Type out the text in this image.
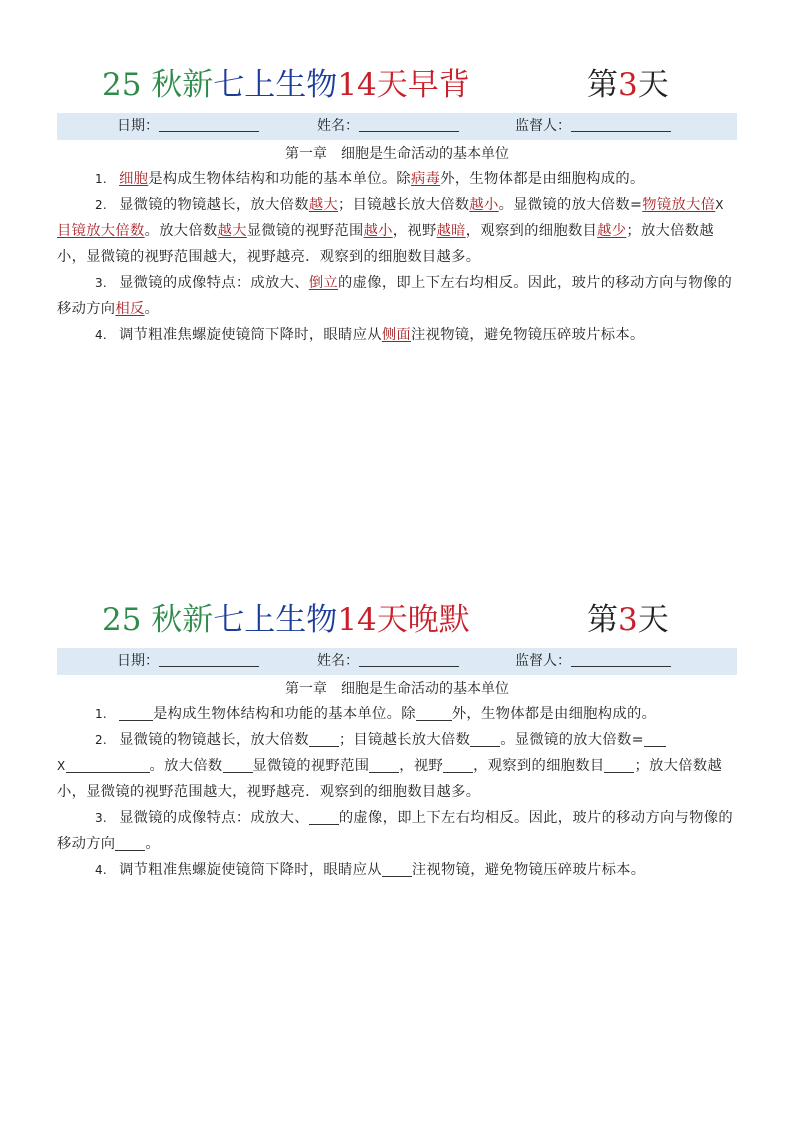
25 秋新七上生物14天早背	第3天
日期：	姓名：	监督人：
第一章　细胞是生命活动的基本单位

1. 细胞是构成生物体结构和功能的基本单位。除病毒外，生物体都是由细胞构成的。

2. 显微镜的物镜越长，放大倍数越大；目镜越长放大倍数越小。显微镜的放大倍数=物镜放大倍X目镜放大倍数。放大倍数越大显微镜的视野范围越小，视野越暗，观察到的细胞数目越少；放大倍数越小，显微镜的视野范围越大，视野越亮．观察到的细胞数目越多。

3. 显微镜的成像特点：成放大、倒立的虚像，即上下左右均相反。因此，玻片的移动方向与物像的移动方向相反。

4. 调节粗准焦螺旋使镜筒下降时，眼睛应从侧面注视物镜，避免物镜压碎玻片标本。

25 秋新七上生物14天晚默	第3天
日期：	姓名：	监督人：
第一章　细胞是生命活动的基本单位

1.	是构成生物体结构和功能的基本单位。除	外，生物体都是由细胞构成的。

2. 显微镜的物镜越长，放大倍数 ；目镜越长放大倍数 。显微镜的放大倍数=X	。放大倍数 显微镜的视野范围 ，视野 ，观察到的细胞数目 ；放大倍数越小，显微镜的视野范围越大，视野越亮．观察到的细胞数目越多。

3. 显微镜的成像特点：成放大、 的虚像，即上下左右均相反。因此，玻片的移动方向与物像的移动方向 。

4. 调节粗准焦螺旋使镜筒下降时，眼睛应从 注视物镜，避免物镜压碎玻片标本。
